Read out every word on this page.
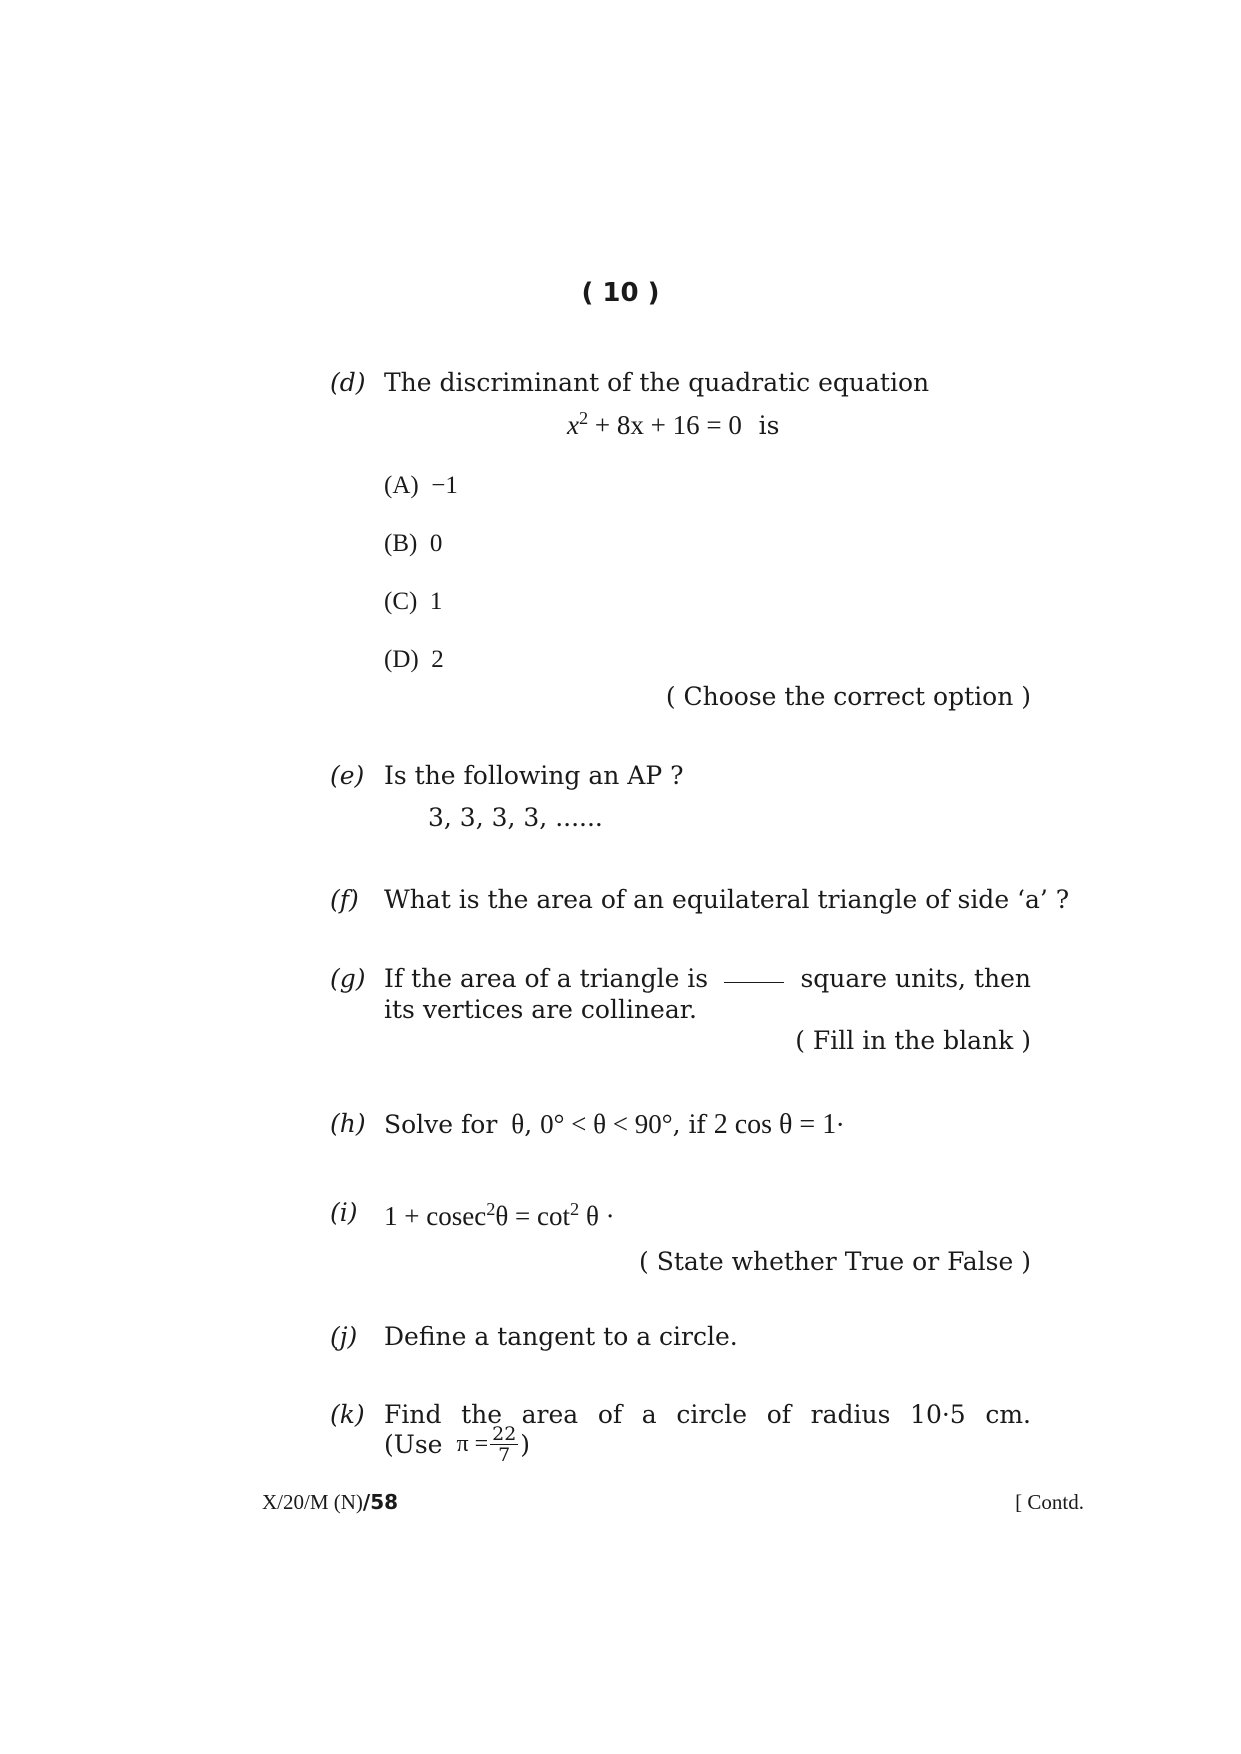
( 10 )
(d) The discriminant of the quadratic equation
$x^2 + 8x + 16 = 0$ is
(A) −1
(B) 0
(C) 1
(D) 2
( Choose the correct option )
(e) Is the following an AP ?
3, 3, 3, 3, ......
(f) What is the area of an equilateral triangle of side ‘a’ ?
(g) If the area of a triangle is	square units, then
its vertices are collinear.
( Fill in the blank )
(h) Solve for θ, 0° < θ < 90°, if 2 cos θ = 1·
(i) $1 + cosec^2\theta = \cot^2 \theta$ ·
( State whether True or False )
(j) Define a tangent to a circle.
(k) Find the area of a circle of radius 10·5 cm.
(Use $\pi = \frac{22}{7}$ )
X/20/M (N)/58	[ Contd.
